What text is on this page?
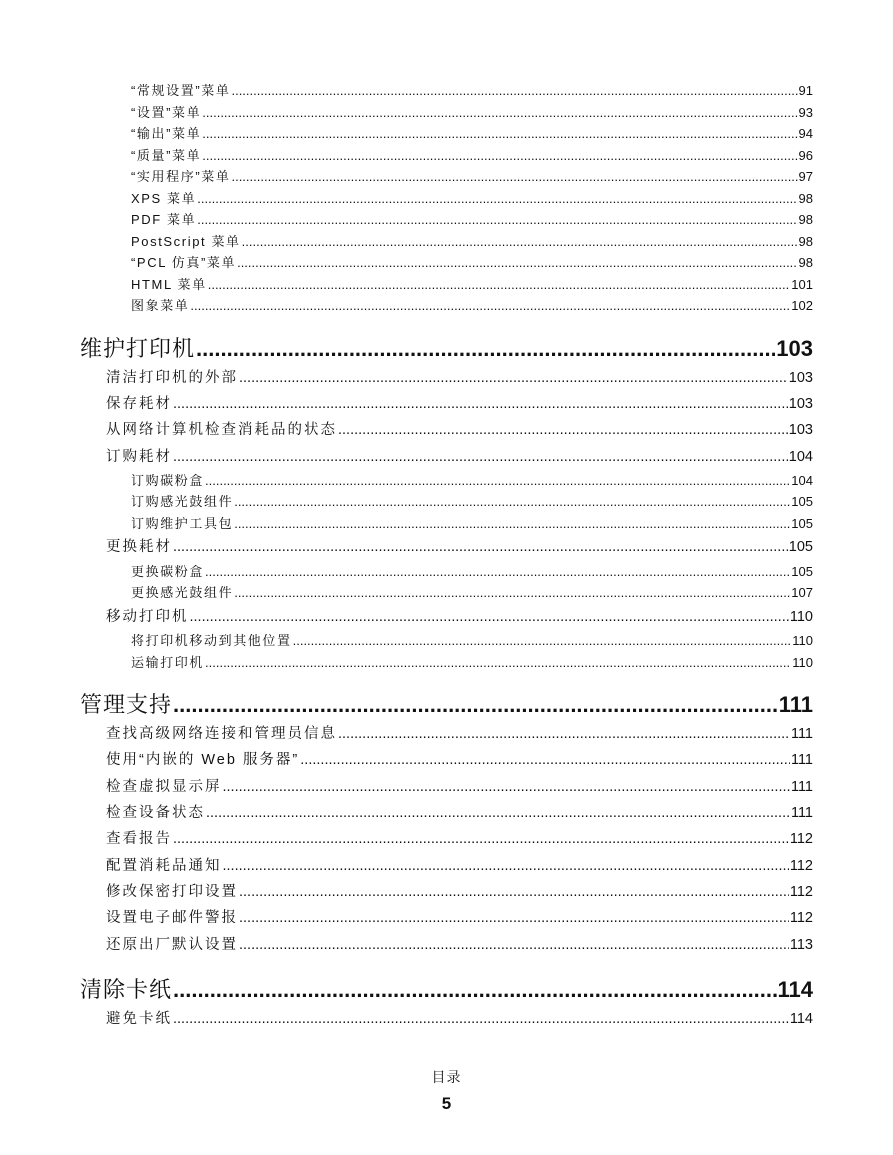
“常规设置”菜单 .....	91
“设置”菜单 .....	93
“输出”菜单 .....	94
“质量”菜单 .....	96
“实用程序”菜单 .....	97
XPS 菜单 .....	98
PDF 菜单 .....	98
PostScript 菜单 .....	98
“PCL 仿真”菜单 .....	98
HTML 菜单 .....	101
图象菜单 .....	102
维护打印机 .....	103
清洁打印机的外部 .....	103
保存耗材 .....	103
从网络计算机检查消耗品的状态 .....	103
订购耗材 .....	104
订购碳粉盒 .....	104
订购感光鼓组件 .....	105
订购维护工具包 .....	105
更换耗材 .....	105
更换碳粉盒 .....	105
更换感光鼓组件 .....	107
移动打印机 .....	110
将打印机移动到其他位置 .....	110
运输打印机 .....	110
管理支持 .....	111
查找高级网络连接和管理员信息 .....	111
使用“内嵌的 Web 服务器” .....	111
检查虚拟显示屏 .....	111
检查设备状态 .....	111
查看报告 .....	112
配置消耗品通知 .....	112
修改保密打印设置 .....	112
设置电子邮件警报 .....	112
还原出厂默认设置 .....	113
清除卡纸 .....	114
避免卡纸 .....	114
目录
5
